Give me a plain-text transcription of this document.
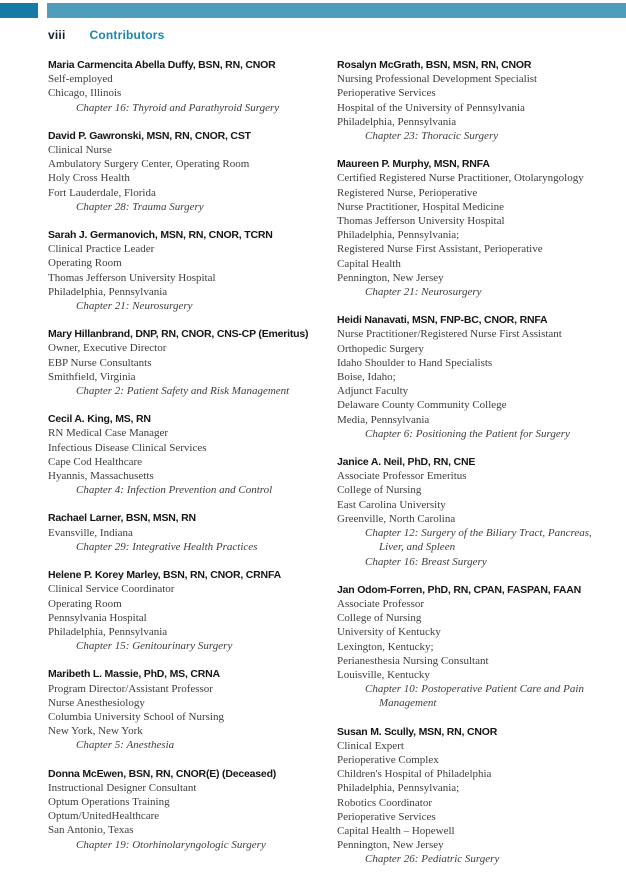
viii Contributors
Maria Carmencita Abella Duffy, BSN, RN, CNOR
Self-employed
Chicago, Illinois
Chapter 16: Thyroid and Parathyroid Surgery
David P. Gawronski, MSN, RN, CNOR, CST
Clinical Nurse
Ambulatory Surgery Center, Operating Room
Holy Cross Health
Fort Lauderdale, Florida
Chapter 28: Trauma Surgery
Sarah J. Germanovich, MSN, RN, CNOR, TCRN
Clinical Practice Leader
Operating Room
Thomas Jefferson University Hospital
Philadelphia, Pennsylvania
Chapter 21: Neurosurgery
Mary Hillanbrand, DNP, RN, CNOR, CNS-CP (Emeritus)
Owner, Executive Director
EBP Nurse Consultants
Smithfield, Virginia
Chapter 2: Patient Safety and Risk Management
Cecil A. King, MS, RN
RN Medical Case Manager
Infectious Disease Clinical Services
Cape Cod Healthcare
Hyannis, Massachusetts
Chapter 4: Infection Prevention and Control
Rachael Larner, BSN, MSN, RN
Evansville, Indiana
Chapter 29: Integrative Health Practices
Helene P. Korey Marley, BSN, RN, CNOR, CRNFA
Clinical Service Coordinator
Operating Room
Pennsylvania Hospital
Philadelphia, Pennsylvania
Chapter 15: Genitourinary Surgery
Maribeth L. Massie, PhD, MS, CRNA
Program Director/Assistant Professor
Nurse Anesthesiology
Columbia University School of Nursing
New York, New York
Chapter 5: Anesthesia
Donna McEwen, BSN, RN, CNOR(E) (Deceased)
Instructional Designer Consultant
Optum Operations Training
Optum/UnitedHealthcare
San Antonio, Texas
Chapter 19: Otorhinolaryngologic Surgery
Rosalyn McGrath, BSN, MSN, RN, CNOR
Nursing Professional Development Specialist
Perioperative Services
Hospital of the University of Pennsylvania
Philadelphia, Pennsylvania
Chapter 23: Thoracic Surgery
Maureen P. Murphy, MSN, RNFA
Certified Registered Nurse Practitioner, Otolaryngology
Registered Nurse, Perioperative
Nurse Practitioner, Hospital Medicine
Thomas Jefferson University Hospital
Philadelphia, Pennsylvania;
Registered Nurse First Assistant, Perioperative
Capital Health
Pennington, New Jersey
Chapter 21: Neurosurgery
Heidi Nanavati, MSN, FNP-BC, CNOR, RNFA
Nurse Practitioner/Registered Nurse First Assistant
Orthopedic Surgery
Idaho Shoulder to Hand Specialists
Boise, Idaho;
Adjunct Faculty
Delaware County Community College
Media, Pennsylvania
Chapter 6: Positioning the Patient for Surgery
Janice A. Neil, PhD, RN, CNE
Associate Professor Emeritus
College of Nursing
East Carolina University
Greenville, North Carolina
Chapter 12: Surgery of the Biliary Tract, Pancreas, Liver, and Spleen
Chapter 16: Breast Surgery
Jan Odom-Forren, PhD, RN, CPAN, FASPAN, FAAN
Associate Professor
College of Nursing
University of Kentucky
Lexington, Kentucky;
Perianesthesia Nursing Consultant
Louisville, Kentucky
Chapter 10: Postoperative Patient Care and Pain Management
Susan M. Scully, MSN, RN, CNOR
Clinical Expert
Perioperative Complex
Children's Hospital of Philadelphia
Philadelphia, Pennsylvania;
Robotics Coordinator
Perioperative Services
Capital Health – Hopewell
Pennington, New Jersey
Chapter 26: Pediatric Surgery
